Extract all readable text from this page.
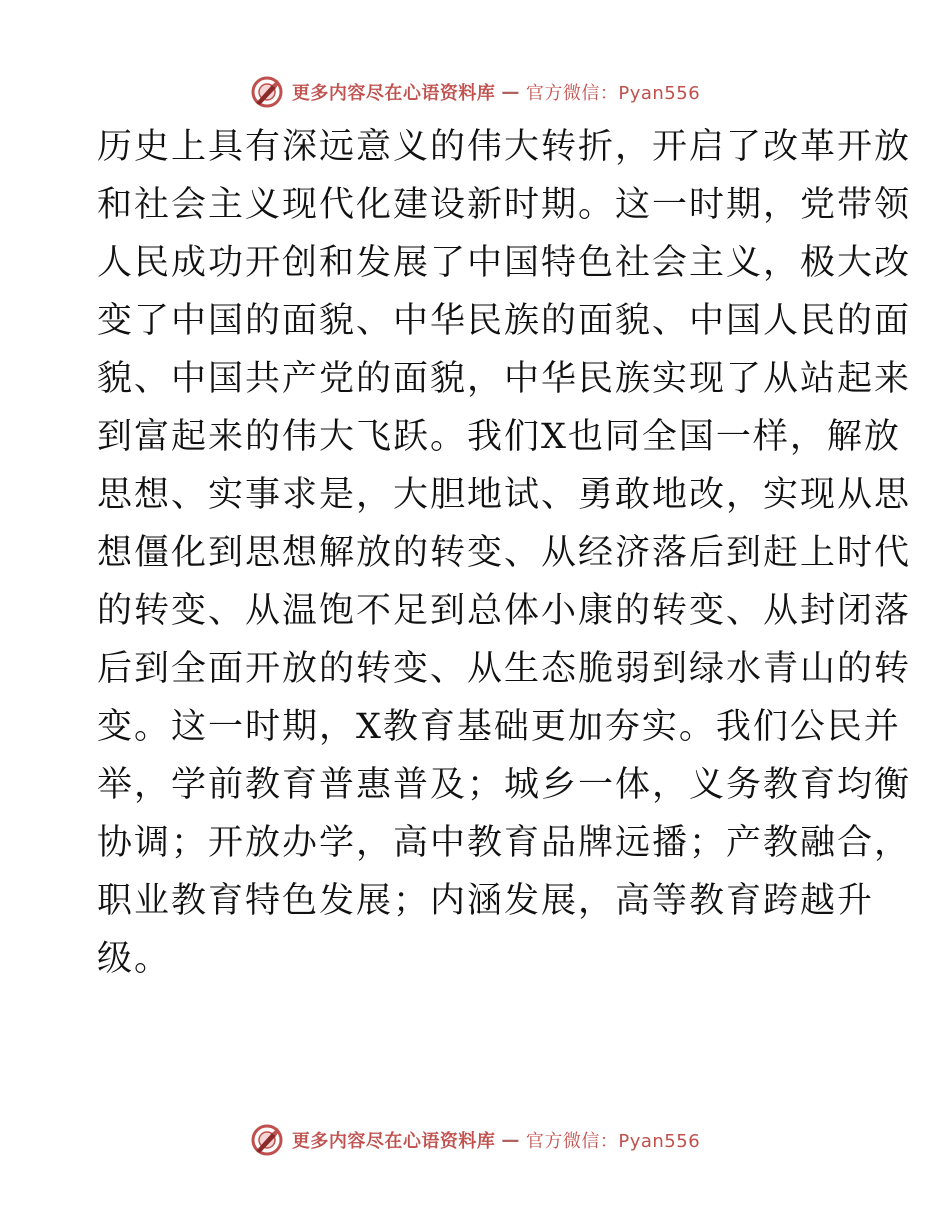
更多内容尽在心语资料库 — 官方微信：Pyan556
历史上具有深远意义的伟大转折，开启了改革开放
和社会主义现代化建设新时期。这一时期，党带领
人民成功开创和发展了中国特色社会主义，极大改
变了中国的面貌、中华民族的面貌、中国人民的面
貌、中国共产党的面貌，中华民族实现了从站起来
到富起来的伟大飞跃。我们X也同全国一样，解放
思想、实事求是，大胆地试、勇敢地改，实现从思
想僵化到思想解放的转变、从经济落后到赶上时代
的转变、从温饱不足到总体小康的转变、从封闭落
后到全面开放的转变、从生态脆弱到绿水青山的转
变。这一时期，X教育基础更加夯实。我们公民并
举，学前教育普惠普及；城乡一体，义务教育均衡
协调；开放办学，高中教育品牌远播；产教融合，
职业教育特色发展；内涵发展，高等教育跨越升
级。
更多内容尽在心语资料库 — 官方微信：Pyan556
